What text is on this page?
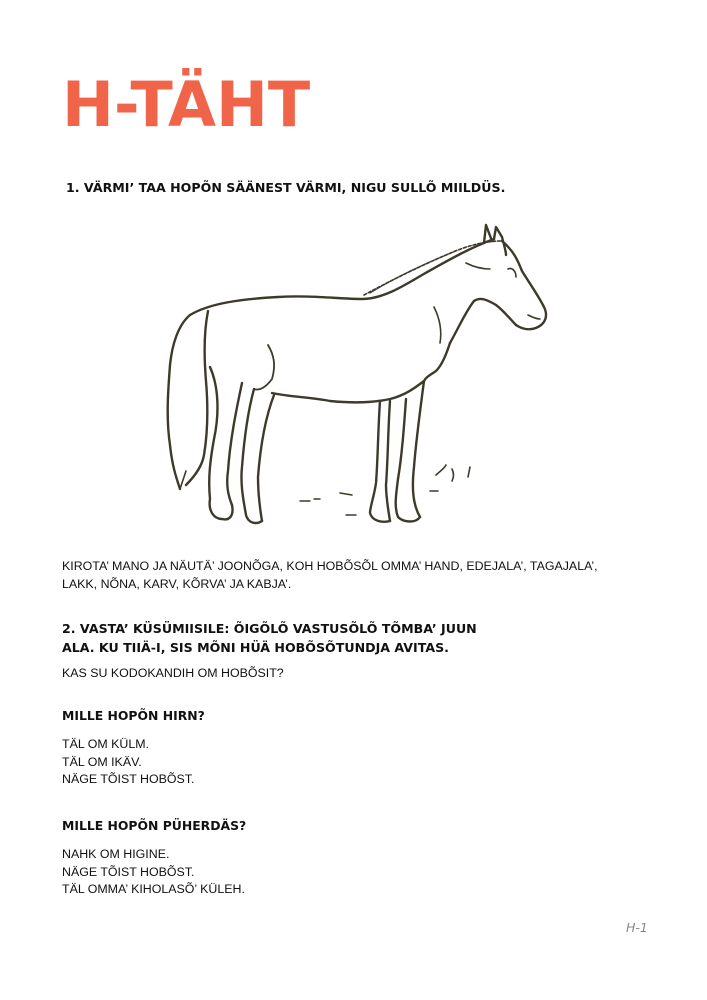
H-TÄHT

1. VÄRMI’ TAA HOPÕN SÄÄNEST VÄRMI, NIGU SULLÕ MIILDÜS.

KIROTA’ MANO JA NÄUTÄ’ JOONÕGA, KOH HOBÕSÕL OMMA’ HAND, EDEJALA’, TAGAJALA’,
LAKK, NÕNA, KARV, KÕRVA’ JA KABJA’.

2. VASTA’ KÜSÜMIISILE: ÕIGÕLÕ VASTUSÕLÕ TÕMBA’ JUUN
ALA. KU TIIÄ-I, SIS MÕNI HÜÄ HOBÕSÕTUNDJA AVITAS.

KAS SU KODOKANDIH OM HOBÕSIT?

MILLE HOPÕN HIRN?

TÄL OM KÜLM.
TÄL OM IKÄV.
NÄGE TÕIST HOBÕST.

MILLE HOPÕN PÜHERDÄS?

NAHK OM HIGINE.
NÄGE TÕIST HOBÕST.
TÄL OMMA’ KIHOLASÕ’ KÜLEH.
H-1
